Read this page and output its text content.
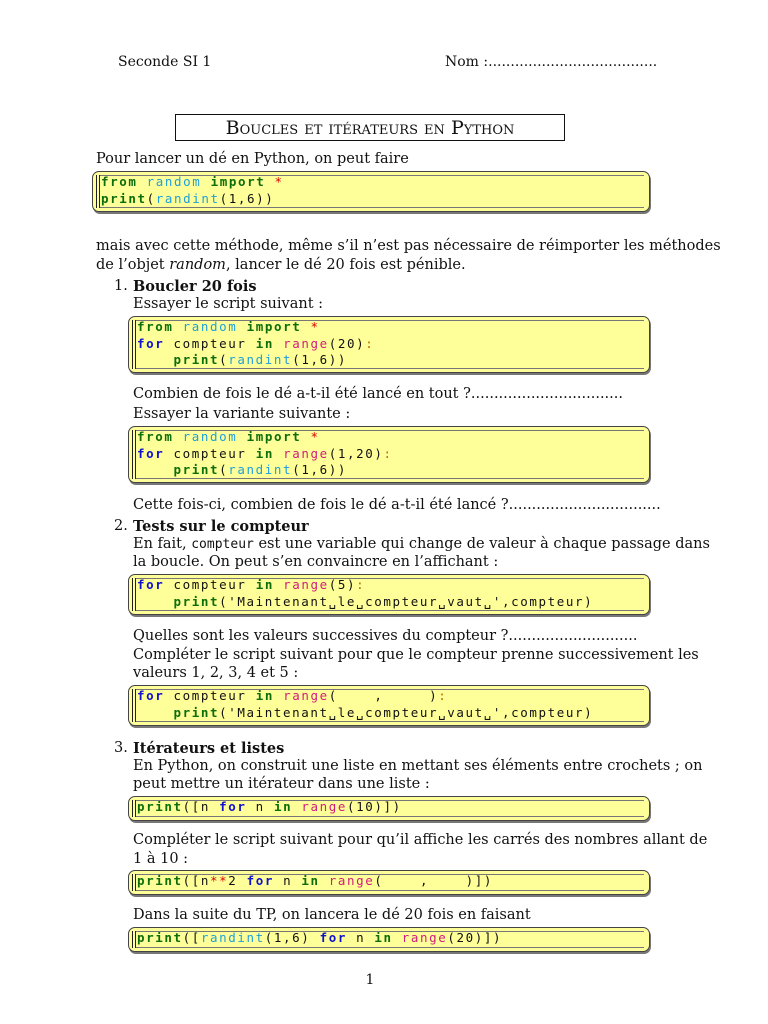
Seconde SI 1	Nom :......................................
Boucles et itérateurs en Python
Pour lancer un dé en Python, on peut faire
from random import *
print(randint(1,6))
mais avec cette méthode, même s’il n’est pas nécessaire de réimporter les méthodes
de l’objet random, lancer le dé 20 fois est pénible.
1. Boucler 20 fois
Essayer le script suivant :
from random import *
for compteur in range(20):
print(randint(1,6))
Combien de fois le dé a-t-il été lancé en tout ?.................................
Essayer la variante suivante :
from random import *
for compteur in range(1,20):
print(randint(1,6))
Cette fois-ci, combien de fois le dé a-t-il été lancé ?.................................
2. Tests sur le compteur
En fait, compteur est une variable qui change de valeur à chaque passage dans
la boucle. On peut s’en convaincre en l’affichant :
for compteur in range(5):
print('Maintenant␣le␣compteur␣vaut␣',compteur)
Quelles sont les valeurs successives du compteur ?............................
Compléter le script suivant pour que le compteur prenne successivement les
valeurs 1, 2, 3, 4 et 5 :
for compteur in range(    ,     ):
print('Maintenant␣le␣compteur␣vaut␣',compteur)
3. Itérateurs et listes
En Python, on construit une liste en mettant ses éléments entre crochets ; on
peut mettre un itérateur dans une liste :
print([n for n in range(10)])
Compléter le script suivant pour qu’il affiche les carrés des nombres allant de
1 à 10 :
print([n**2 for n in range(    ,    )])
Dans la suite du TP, on lancera le dé 20 fois en faisant
print([randint(1,6) for n in range(20)])
1
